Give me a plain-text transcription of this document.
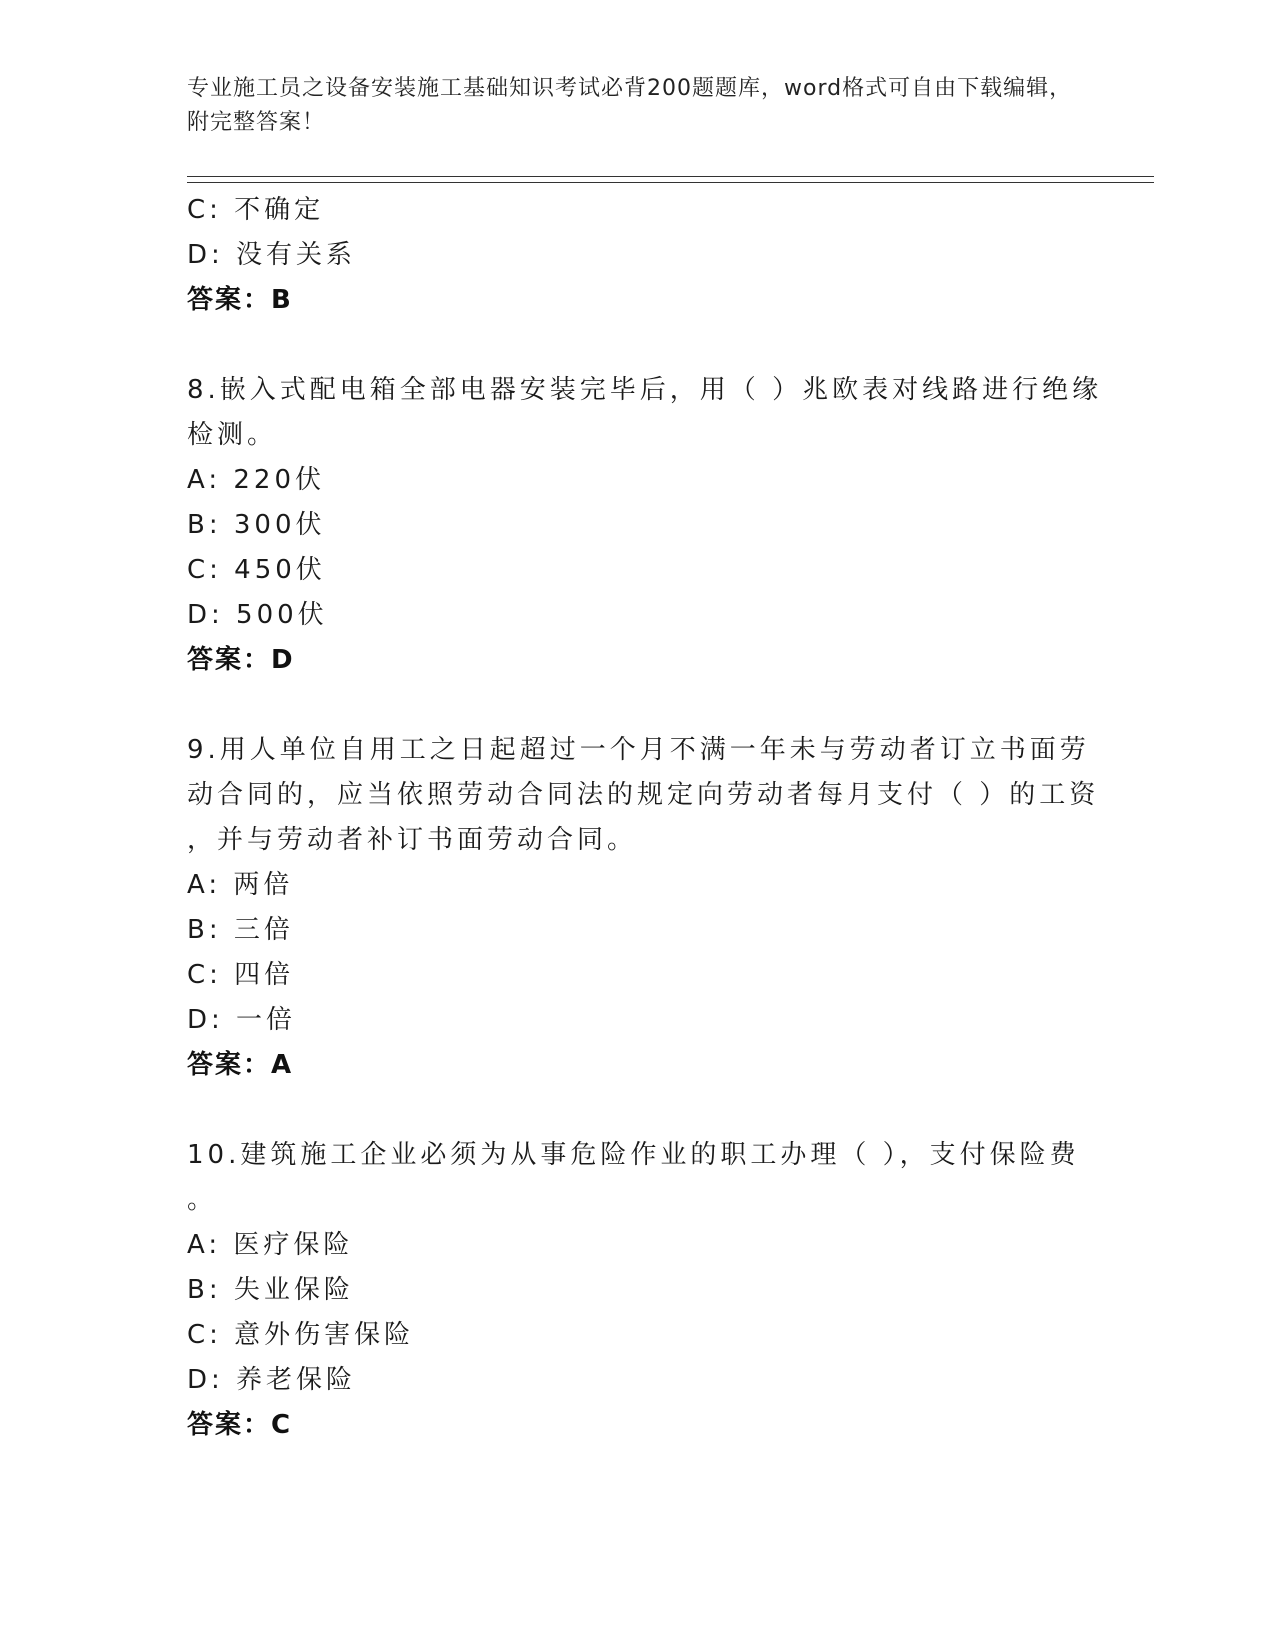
专业施工员之设备安装施工基础知识考试必背200题题库，word格式可自由下载编辑，附完整答案！
C: 不确定
D: 没有关系
答案：B
8.嵌入式配电箱全部电器安装完毕后，用（ ）兆欧表对线路进行绝缘
检测。
A: 220伏
B: 300伏
C: 450伏
D: 500伏
答案：D
9.用人单位自用工之日起超过一个月不满一年未与劳动者订立书面劳
动合同的，应当依照劳动合同法的规定向劳动者每月支付（ ）的工资
，并与劳动者补订书面劳动合同。
A: 两倍
B: 三倍
C: 四倍
D: 一倍
答案：A
10.建筑施工企业必须为从事危险作业的职工办理（ ），支付保险费
。
A: 医疗保险
B: 失业保险
C: 意外伤害保险
D: 养老保险
答案：C
